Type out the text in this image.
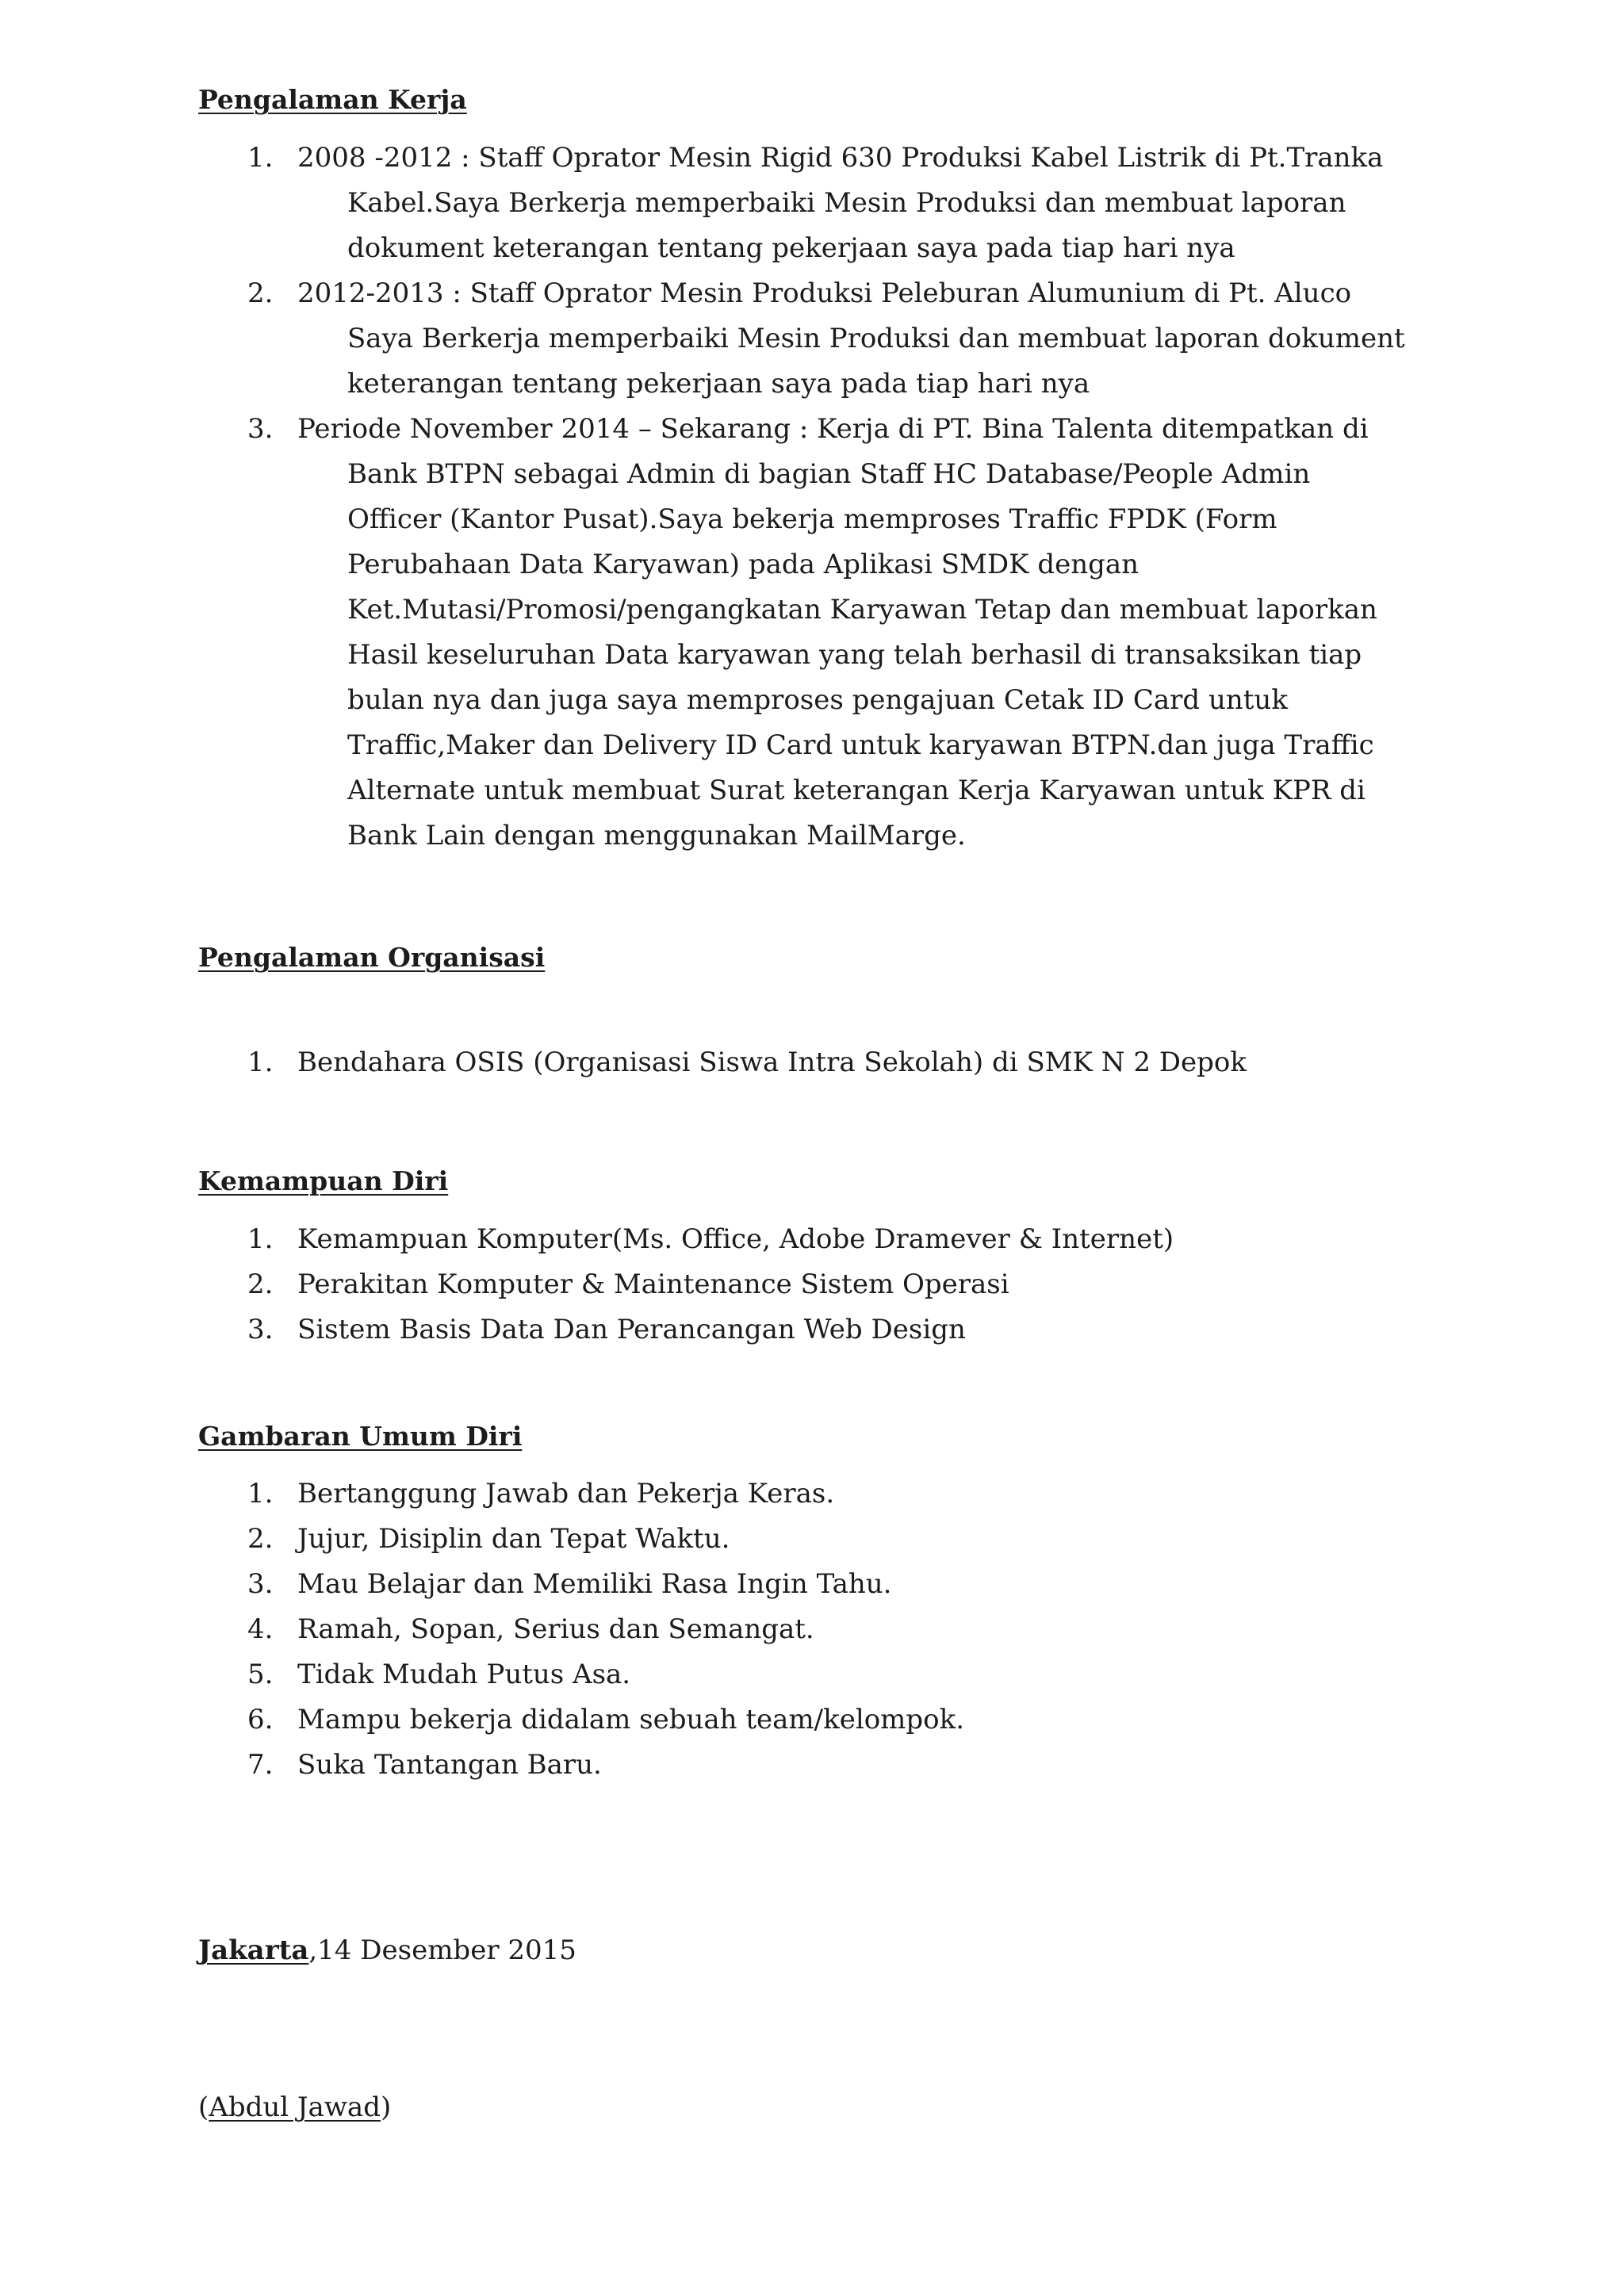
Pengalaman Kerja
1. 2008 -2012 : Staff Oprator Mesin Rigid 630 Produksi Kabel Listrik di Pt.Tranka
Kabel.Saya Berkerja memperbaiki Mesin Produksi dan membuat laporan
dokument keterangan tentang pekerjaan saya pada tiap hari nya
2. 2012-2013 : Staff Oprator Mesin Produksi Peleburan Alumunium di Pt. Aluco
Saya Berkerja memperbaiki Mesin Produksi dan membuat laporan dokument
keterangan tentang pekerjaan saya pada tiap hari nya
3. Periode November 2014 – Sekarang : Kerja di PT. Bina Talenta ditempatkan di
Bank BTPN sebagai Admin di bagian Staff HC Database/People Admin
Officer (Kantor Pusat).Saya bekerja memproses Traffic FPDK (Form
Perubahaan Data Karyawan) pada Aplikasi SMDK dengan
Ket.Mutasi/Promosi/pengangkatan Karyawan Tetap dan membuat laporkan
Hasil keseluruhan Data karyawan yang telah berhasil di transaksikan tiap
bulan nya dan juga saya memproses pengajuan Cetak ID Card untuk
Traffic,Maker dan Delivery ID Card untuk karyawan BTPN.dan juga Traffic
Alternate untuk membuat Surat keterangan Kerja Karyawan untuk KPR di
Bank Lain dengan menggunakan MailMarge.
Pengalaman Organisasi
1. Bendahara OSIS (Organisasi Siswa Intra Sekolah) di SMK N 2 Depok
Kemampuan Diri
1. Kemampuan Komputer(Ms. Office, Adobe Dramever & Internet)
2. Perakitan Komputer & Maintenance Sistem Operasi
3. Sistem Basis Data Dan Perancangan Web Design
Gambaran Umum Diri
1. Bertanggung Jawab dan Pekerja Keras.
2. Jujur, Disiplin dan Tepat Waktu.
3. Mau Belajar dan Memiliki Rasa Ingin Tahu.
4. Ramah, Sopan, Serius dan Semangat.
5. Tidak Mudah Putus Asa.
6. Mampu bekerja didalam sebuah team/kelompok.
7. Suka Tantangan Baru.
Jakarta,14 Desember 2015
(Abdul Jawad)
